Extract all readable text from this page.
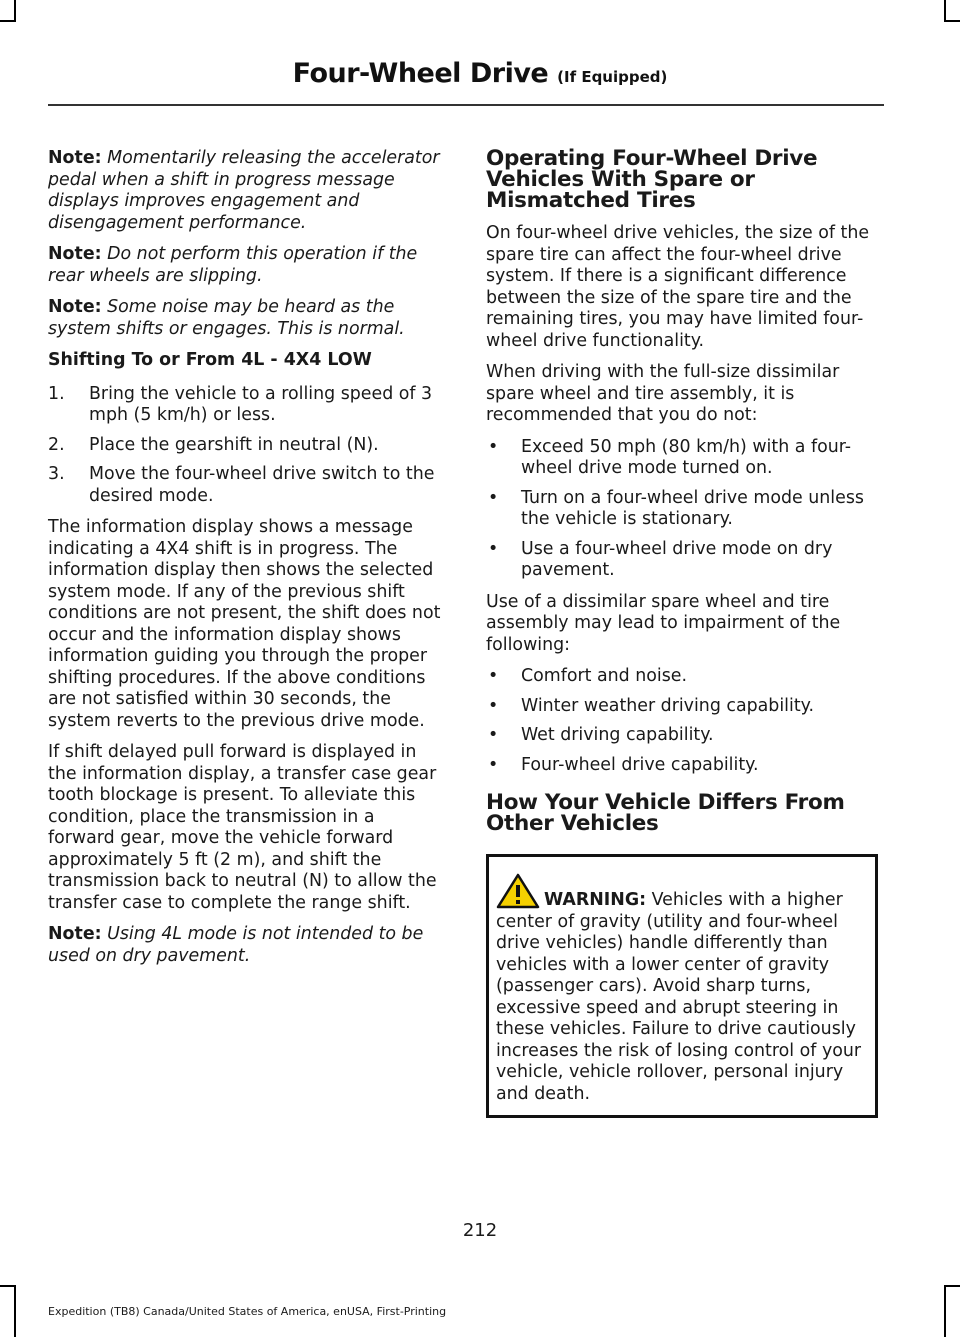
Four-Wheel Drive (If Equipped)

Note: Momentarily releasing the accelerator pedal when a shift in progress message displays improves engagement and disengagement performance.

Note: Do not perform this operation if the rear wheels are slipping.

Note: Some noise may be heard as the system shifts or engages. This is normal.

Shifting To or From 4L - 4X4 LOW

1. Bring the vehicle to a rolling speed of 3 mph (5 km/h) or less.
2. Place the gearshift in neutral (N).
3. Move the four-wheel drive switch to the desired mode.

The information display shows a message indicating a 4X4 shift is in progress. The information display then shows the selected system mode. If any of the previous shift conditions are not present, the shift does not occur and the information display shows information guiding you through the proper shifting procedures. If the above conditions are not satisfied within 30 seconds, the system reverts to the previous drive mode.

If shift delayed pull forward is displayed in the information display, a transfer case gear tooth blockage is present. To alleviate this condition, place the transmission in a forward gear, move the vehicle forward approximately 5 ft (2 m), and shift the transmission back to neutral (N) to allow the transfer case to complete the range shift.

Note: Using 4L mode is not intended to be used on dry pavement.

Operating Four-Wheel Drive Vehicles With Spare or Mismatched Tires

On four-wheel drive vehicles, the size of the spare tire can affect the four-wheel drive system. If there is a significant difference between the size of the spare tire and the remaining tires, you may have limited four-wheel drive functionality.

When driving with the full-size dissimilar spare wheel and tire assembly, it is recommended that you do not:

• Exceed 50 mph (80 km/h) with a four-wheel drive mode turned on.
• Turn on a four-wheel drive mode unless the vehicle is stationary.
• Use a four-wheel drive mode on dry pavement.

Use of a dissimilar spare wheel and tire assembly may lead to impairment of the following:

• Comfort and noise.
• Winter weather driving capability.
• Wet driving capability.
• Four-wheel drive capability.
How Your Vehicle Differs From Other Vehicles
WARNING: Vehicles with a higher center of gravity (utility and four-wheel drive vehicles) handle differently than vehicles with a lower center of gravity (passenger cars). Avoid sharp turns, excessive speed and abrupt steering in these vehicles. Failure to drive cautiously increases the risk of losing control of your vehicle, vehicle rollover, personal injury and death.
212
Expedition (TB8) Canada/United States of America, enUSA, First-Printing
